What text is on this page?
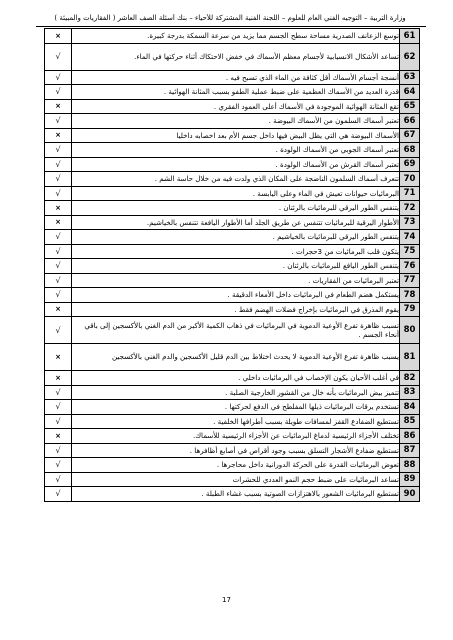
وزارة التربية – التوجيه الفني العام للعلوم – اللجنة الفنية المشتركة للأحياء – بنك أسئلة الصف العاشر ( الفقاريات والمبيئة )
61	توسع الزعانف الصدرية مساحة سطح الجسم مما يزيد من سرعة السمكة بدرجة كبيرة.	×
62	تساعد الأشكال الانسيابية لأجسام معظم الأسماك في خفض الاحتكاك أثناء حركتها في الماء.	√
63	أنسجة أجسام الأسماك أقل كثافة من الماء الذي تسبح فيه .	√
64	قدرة العديد من الأسماك العظمية على ضبط عملية الطفو بسبب المثانة الهوائية .	√
65	تقع المثانة الهوائية الموجودة في الأسماك أعلى العمود الفقري .	×
66	تعتبر أسماك السلمون من الأسماك البيوضة .	√
67	الأسماك البيوضة هي التي يظل البيض فيها داخل جسم الأم بعد اخصابه داخليا	×
68	تعتبر أسماك الجوبي من الأسماك الولودة .	√
69	تعتبر أسماك القرش من الأسماك الولودة .	√
70	تتعرف أسماك السلمون الناضجة على المكان الذي ولدت فيه من خلال حاسة الشم .	√
71	البرمائيات حيوانات تعيش في الماء وعلى اليابسة .	√
72	يتنفس الطور اليرقي للبرمائيات بالرئتان .	×
73	الأطوار اليرقية للبرمائيات تتنفس عن طريق الجلد أما الأطوار اليافعة تتنفس بالخياشيم.	×
74	يتنفس الطور اليرقي للبرمائيات بالخياشيم .	√
75	يتكون قلب البرمائيات من 3حجرات .	√
76	يتنفس الطور اليافع للبرمائيات بالرئتان .	√
77	تعتبر البرمائيات من الفقاريات .	√
78	يستكمل هضم الطعام في البرمائيات داخل الأمعاء الدقيقة .	√
79	يقوم المذرق في البرمائيات بإخراج فضلات الهضم فقط .	×
80	تسبب ظاهرة تفرع الأوعية الدموية في البرمائيات في ذهاب الكمية الأكبر من الدم الغني بالأكسجين إلى باقي أنحاء الجسم .	√
81	يسبب ظاهرة تفرع الأوعية الدموية لا يحدث اختلاط بين الدم قليل الأكسجين والدم الغني بالأكسجين	×
82	في أغلب الأحيان يكون الإخصاب في البرمائيات داخلي .	×
83	تتميز بيض البرمائيات بأنه خال من القشور الخارجية الصلبة .	√
84	تستخدم يرقات البرمائيات ذيلها المفلطح في الدفع لحركتها .	√
85	تستطيع الضفادع القفز لمسافات طويلة بسبب أطرافها الخلفية .	√
86	تختلف الأجزاء الرئيسية لدماغ البرمائيات عن الأجزاء الرئيسية للأسماك.	×
87	تستطيع ضفادع الأشجار التسلق بسبب وجود أقراص في أصابع أظافرها .	√
88	تعوض البرمائيات القدرة على الحركة الدورانية داخل محاجرها .	√
89	تساعد البرمائيات على ضبط حجم النمو العددي للحشرات	√
90	تستطيع البرمائيات الشعور بالاهتزازات الصوتية بسبب غشاء الطبلة .	√
17
